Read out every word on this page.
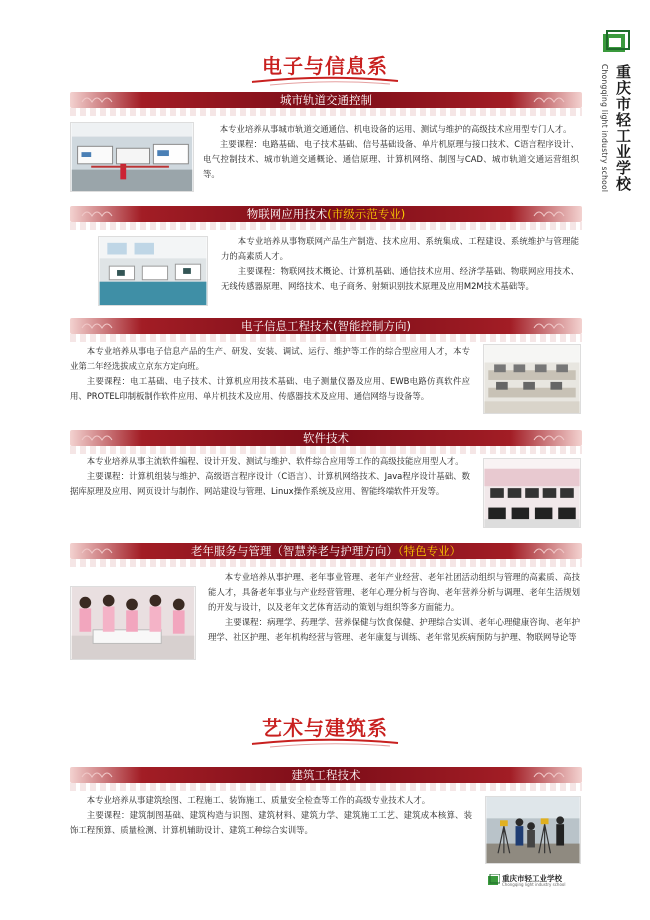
重庆市轻工业学校
Chongqing light industry school
电子与信息系
城市轨道交通控制

本专业培养从事城市轨道交通通信、机电设备的运用、测试与维护的高级技术应用型专门人才。

主要课程：电路基础、电子技术基础、信号基础设备、单片机原理与接口技术、C语言程序设计、电气控制技术、城市轨道交通概论、通信原理、计算机网络、制图与CAD、城市轨道交通运营组织等。

物联网应用技术(市级示范专业)

本专业培养从事物联网产品生产制造、技术应用、系统集成、工程建设、系统维护与管理能力的高素质人才。

主要课程：物联网技术概论、计算机基础、通信技术应用、经济学基础、物联网应用技术、无线传感器原理、网络技术、电子商务、射频识别技术原理及应用M2M技术基础等。

电子信息工程技术(智能控制方向)

本专业培养从事电子信息产品的生产、研发、安装、调试、运行、维护等工作的综合型应用人才，本专业第二年经选拔成立京东方定向班。

主要课程：电工基础、电子技术、计算机应用技术基础、电子测量仪器及应用、EWB电路仿真软件应用、PROTEL印制板制作软件应用、单片机技术及应用、传感器技术及应用、通信网络与设备等。

软件技术

本专业培养从事主流软件编程、设计开发、测试与维护、软件综合应用等工作的高级技能应用型人才。

主要课程：计算机组装与维护、高级语言程序设计（C语言）、计算机网络技术、Java程序设计基础、数据库原理及应用、网页设计与制作、网站建设与管理、Linux操作系统及应用、智能终端软件开发等。

老年服务与管理（智慧养老与护理方向）（特色专业）

本专业培养从事护理、老年事业管理、老年产业经营、老年社团活动组织与管理的高素质、高技能人才，具备老年事业与产业经营管理、老年心理分析与咨询、老年营养分析与调理、老年生活规划的开发与设计，以及老年文艺体育活动的策划与组织等多方面能力。

主要课程：病理学、药理学、营养保健与饮食保健、护理综合实训、老年心理健康咨询、老年护理学、社区护理、老年机构经营与管理、老年康复与训练、老年常见疾病预防与护理、物联网导论等

艺术与建筑系
建筑工程技术

本专业培养从事建筑绘图、工程施工、装饰施工、质量安全检查等工作的高级专业技术人才。

主要课程：建筑制图基础、建筑构造与识图、建筑材料、建筑力学、建筑施工工艺、建筑成本核算、装饰工程预算、质量检测、计算机辅助设计、建筑工种综合实训等。

重庆市轻工业学校
Chongqing light industry school
